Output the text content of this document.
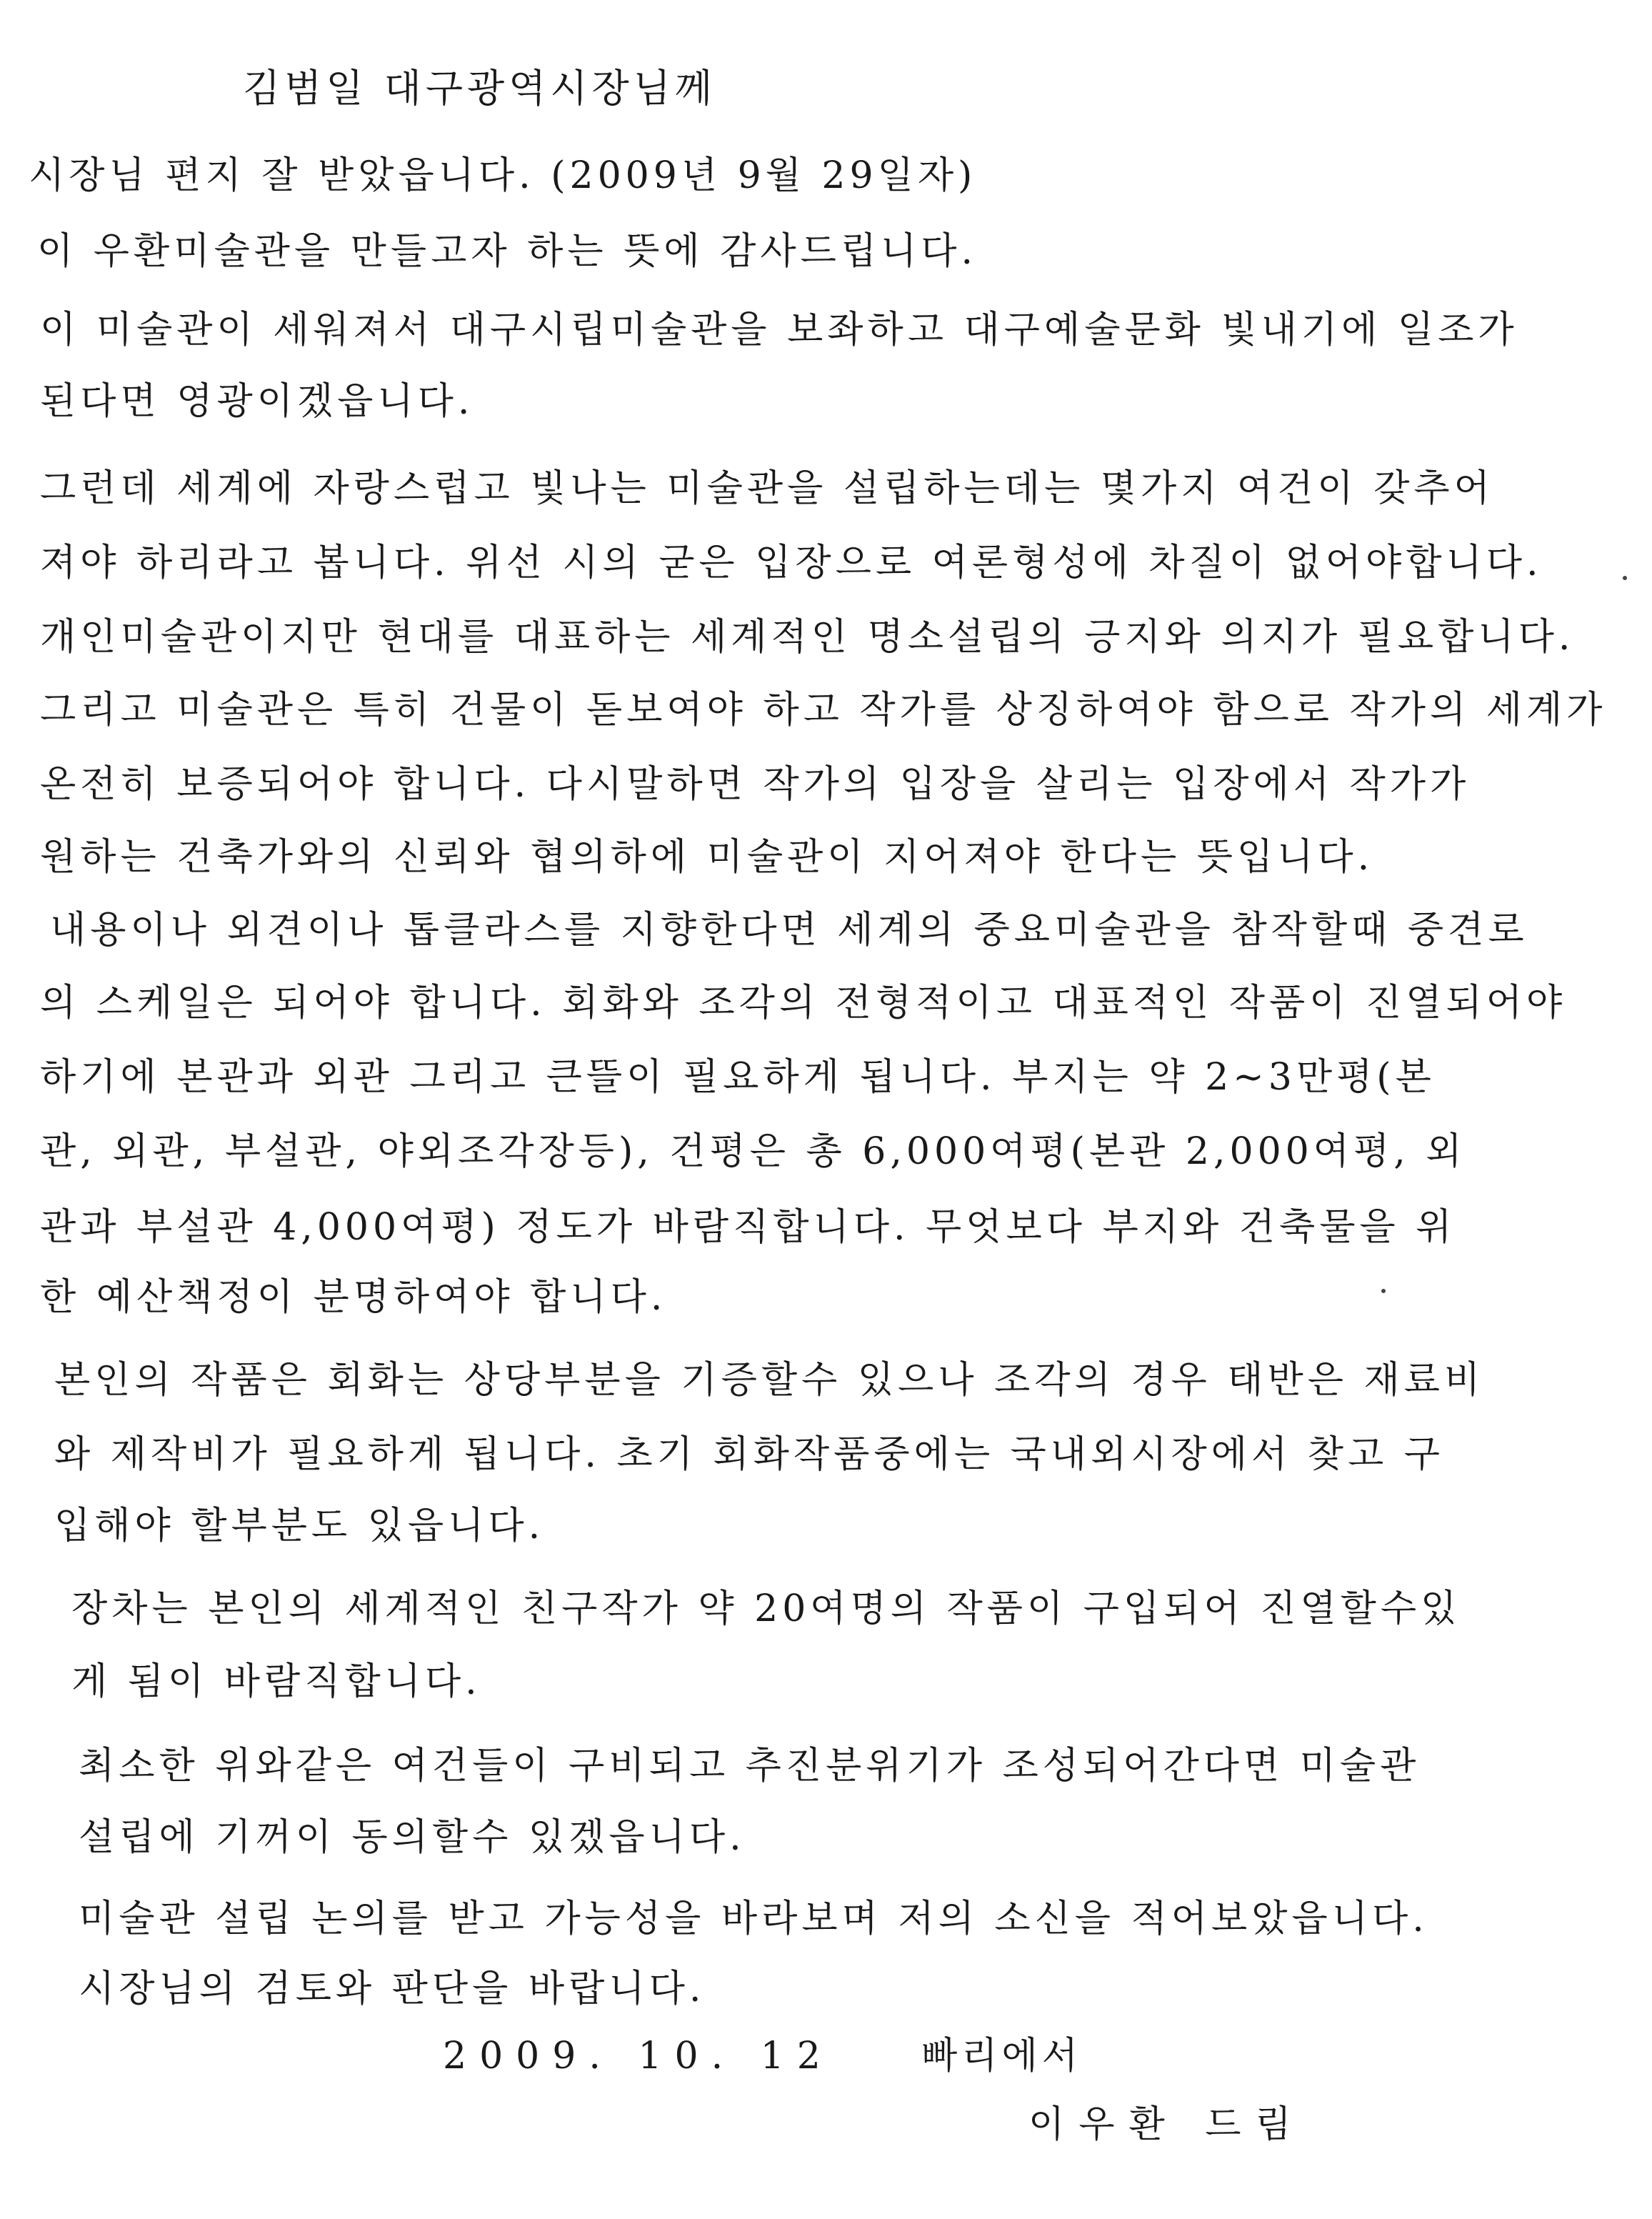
김범일 대구광역시장님께
시장님 편지 잘 받았읍니다. (2009년 9월 29일자)
이 우환미술관을 만들고자 하는 뜻에 감사드립니다.
이 미술관이 세워져서 대구시립미술관을 보좌하고 대구예술문화 빛내기에 일조가
된다면 영광이겠읍니다.
그런데 세계에 자랑스럽고 빛나는 미술관을 설립하는데는 몇가지 여건이 갖추어
져야 하리라고 봅니다. 위선 시의 굳은 입장으로 여론형성에 차질이 없어야합니다.
개인미술관이지만 현대를 대표하는 세계적인 명소설립의 긍지와 의지가 필요합니다.
그리고 미술관은 특히 건물이 돋보여야 하고 작가를 상징하여야 함으로 작가의 세계가
온전히 보증되어야 합니다. 다시말하면 작가의 입장을 살리는 입장에서 작가가
원하는 건축가와의 신뢰와 협의하에 미술관이 지어져야 한다는 뜻입니다.
내용이나 외견이나 톱클라스를 지향한다면 세계의 중요미술관을 참작할때 중견로
의 스케일은 되어야 합니다. 회화와 조각의 전형적이고 대표적인 작품이 진열되어야
하기에 본관과 외관 그리고 큰뜰이 필요하게 됩니다. 부지는 약 2~3만평(본
관, 외관, 부설관, 야외조각장등), 건평은 총 6,000여평(본관 2,000여평, 외
관과 부설관 4,000여평) 정도가 바람직합니다. 무엇보다 부지와 건축물을 위
한 예산책정이 분명하여야 합니다.
본인의 작품은 회화는 상당부분을 기증할수 있으나 조각의 경우 태반은 재료비
와 제작비가 필요하게 됩니다. 초기 회화작품중에는 국내외시장에서 찾고 구
입해야 할부분도 있읍니다.
장차는 본인의 세계적인 친구작가 약 20여명의 작품이 구입되어 진열할수있
게 됨이 바람직합니다.
최소한 위와같은 여건들이 구비되고 추진분위기가 조성되어간다면 미술관
설립에 기꺼이 동의할수 있겠읍니다.
미술관 설립 논의를 받고 가능성을 바라보며 저의 소신을 적어보았읍니다.
시장님의 검토와 판단을 바랍니다.
2009. 10. 12 빠리에서
이우환 드림
